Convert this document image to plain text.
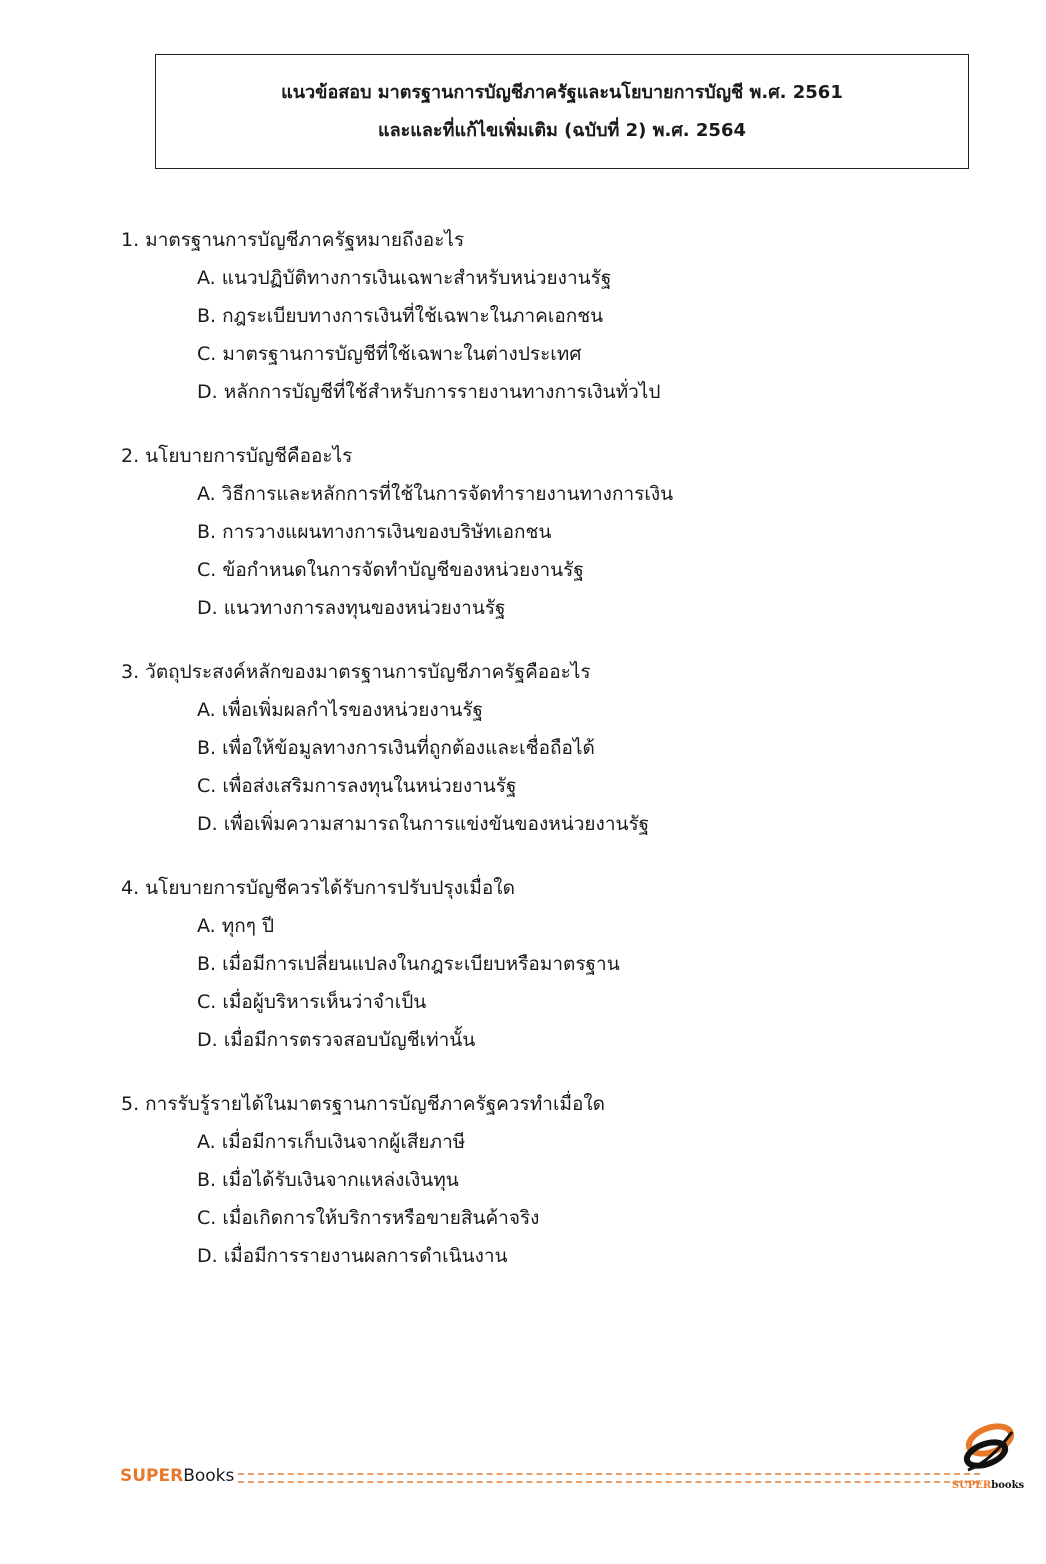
แนวข้อสอบ มาตรฐานการบัญชีภาครัฐและนโยบายการบัญชี พ.ศ. 2561
และและที่แก้ไขเพิ่มเติม (ฉบับที่ 2) พ.ศ. 2564
1. มาตรฐานการบัญชีภาครัฐหมายถึงอะไร
A. แนวปฏิบัติทางการเงินเฉพาะสำหรับหน่วยงานรัฐ
B. กฎระเบียบทางการเงินที่ใช้เฉพาะในภาคเอกชน
C. มาตรฐานการบัญชีที่ใช้เฉพาะในต่างประเทศ
D. หลักการบัญชีที่ใช้สำหรับการรายงานทางการเงินทั่วไป
2. นโยบายการบัญชีคืออะไร
A. วิธีการและหลักการที่ใช้ในการจัดทำรายงานทางการเงิน
B. การวางแผนทางการเงินของบริษัทเอกชน
C. ข้อกำหนดในการจัดทำบัญชีของหน่วยงานรัฐ
D. แนวทางการลงทุนของหน่วยงานรัฐ
3. วัตถุประสงค์หลักของมาตรฐานการบัญชีภาครัฐคืออะไร
A. เพื่อเพิ่มผลกำไรของหน่วยงานรัฐ
B. เพื่อให้ข้อมูลทางการเงินที่ถูกต้องและเชื่อถือได้
C. เพื่อส่งเสริมการลงทุนในหน่วยงานรัฐ
D. เพื่อเพิ่มความสามารถในการแข่งขันของหน่วยงานรัฐ
4. นโยบายการบัญชีควรได้รับการปรับปรุงเมื่อใด
A. ทุกๆ ปี
B. เมื่อมีการเปลี่ยนแปลงในกฎระเบียบหรือมาตรฐาน
C. เมื่อผู้บริหารเห็นว่าจำเป็น
D. เมื่อมีการตรวจสอบบัญชีเท่านั้น
5. การรับรู้รายได้ในมาตรฐานการบัญชีภาครัฐควรทำเมื่อใด
A. เมื่อมีการเก็บเงินจากผู้เสียภาษี
B. เมื่อได้รับเงินจากแหล่งเงินทุน
C. เมื่อเกิดการให้บริการหรือขายสินค้าจริง
D. เมื่อมีการรายงานผลการดำเนินงาน
SUPER Books	SUPERbooks
